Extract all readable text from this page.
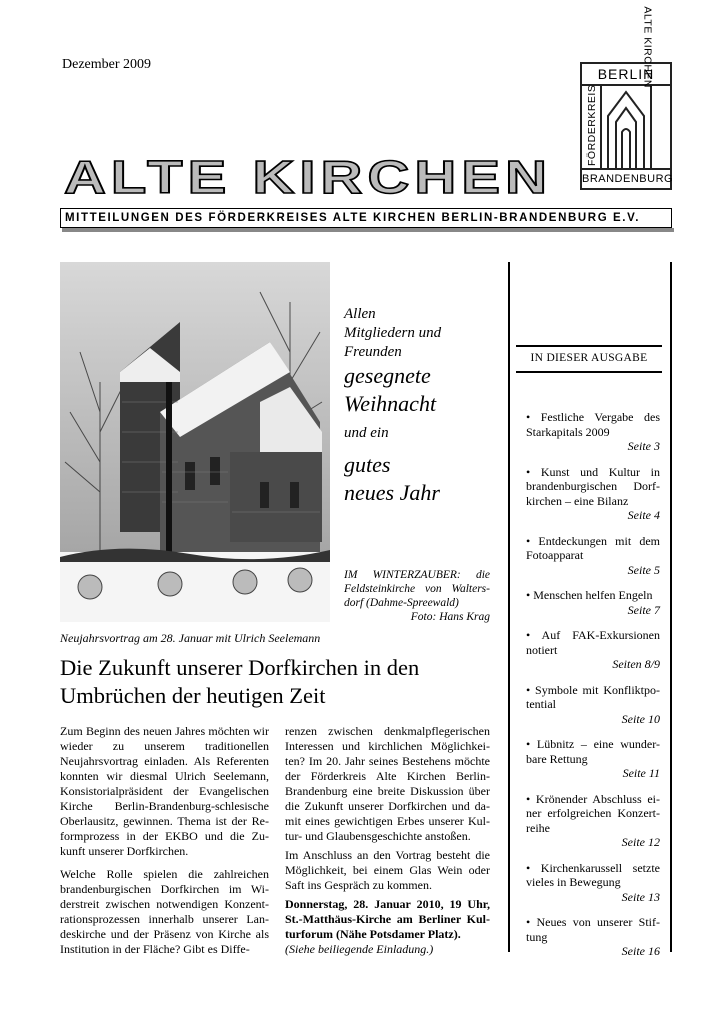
Dezember 2009
BERLIN
FÖRDERKREIS
ALTE KIRCHEN
BRANDENBURG
ALTE KIRCHEN
MITTEILUNGEN DES FÖRDERKREISES ALTE KIRCHEN BERLIN-BRANDENBURG E.V.
Allen
Mitgliedern und
Freunden
gesegnete
Weihnacht
und ein
gutes
neues Jahr
IM WINTERZAUBER: die Feldsteinkirche von Walters-dorf (Dahme-Spreewald)
Foto: Hans Krag
IN DIESER AUSGABE
• Festliche Vergabe des Starkapitals 2009
Seite 3
• Kunst und Kultur in brandenburgischen Dorf-kirchen – eine Bilanz
Seite 4
• Entdeckungen mit dem Fotoapparat
Seite 5
• Menschen helfen Engeln
Seite 7
• Auf FAK-Exkursionen notiert
Seiten 8/9
• Symbole mit Konfliktpo-tential
Seite 10
• Lübnitz – eine wunder-bare Rettung
Seite 11
• Krönender Abschluss ei-ner erfolgreichen Konzert-reihe
Seite 12
• Kirchenkarussell setzte vieles in Bewegung
Seite 13
• Neues von unserer Stif-tung
Seite 16
Neujahrsvortrag am 28. Januar mit Ulrich Seelemann
Die Zukunft unserer Dorfkirchen in den Umbrüchen der heutigen Zeit

Zum Beginn des neuen Jahres möchten wir wieder zu unserem traditionellen Neujahrsvortrag einladen. Als Referenten konnten wir diesmal Ulrich Seelemann, Konsistorialpräsident der Evangelischen Kirche Berlin-Brandenburg-schlesische Oberlausitz, gewinnen. Thema ist der Re-formprozess in der EKBO und die Zu-kunft unserer Dorfkirchen.

Welche Rolle spielen die zahlreichen brandenburgischen Dorfkirchen im Wi-derstreit zwischen notwendigen Konzent-rationsprozessen innerhalb unserer Lan-deskirche und der Präsenz von Kirche als Institution in der Fläche? Gibt es Diffe-

renzen zwischen denkmalpflegerischen Interessen und kirchlichen Möglichkei-ten? Im 20. Jahr seines Bestehens möchte der Förderkreis Alte Kirchen Berlin-Brandenburg eine breite Diskussion über die Zukunft unserer Dorfkirchen und da-mit eines gewichtigen Erbes unserer Kul-tur- und Glaubensgeschichte anstoßen.

Im Anschluss an den Vortrag besteht die Möglichkeit, bei einem Glas Wein oder Saft ins Gespräch zu kommen.

Donnerstag, 28. Januar 2010, 19 Uhr, St.-Matthäus-Kirche am Berliner Kul-turforum (Nähe Potsdamer Platz).
(Siehe beiliegende Einladung.)
